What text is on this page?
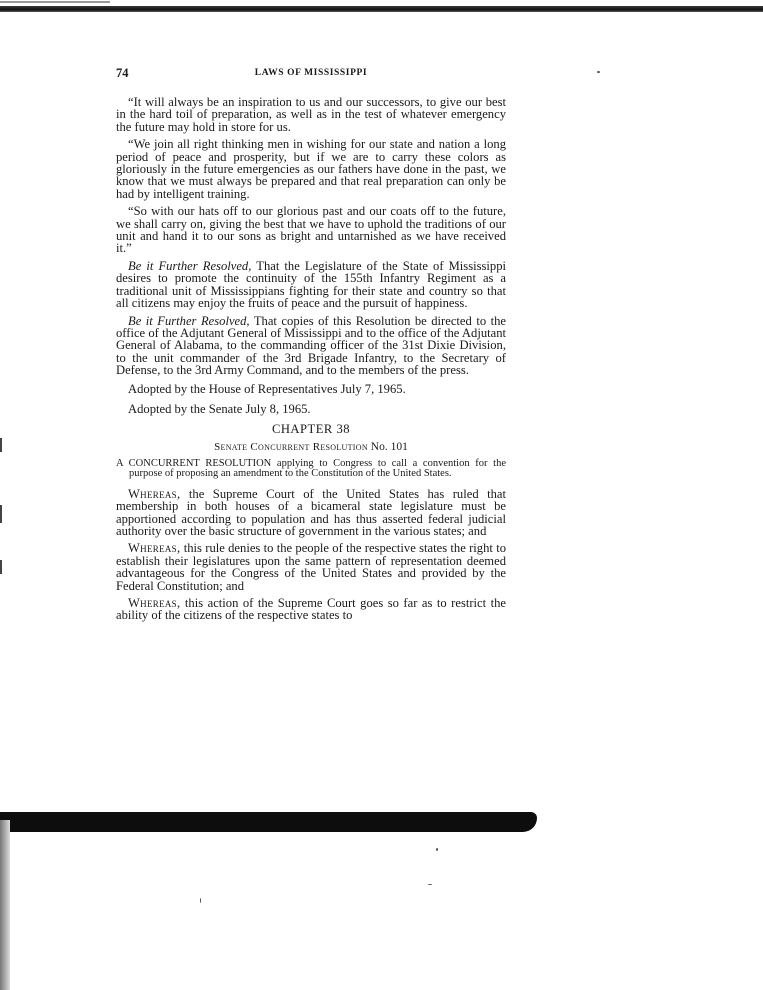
74	LAWS OF MISSISSIPPI

“It will always be an inspiration to us and our successors, to give our best in the hard toil of preparation, as well as in the test of whatever emergency the future may hold in store for us.

“We join all right thinking men in wishing for our state and nation a long period of peace and prosperity, but if we are to carry these colors as gloriously in the future emergencies as our fathers have done in the past, we know that we must always be prepared and that real preparation can only be had by intelligent training.

“So with our hats off to our glorious past and our coats off to the future, we shall carry on, giving the best that we have to uphold the traditions of our unit and hand it to our sons as bright and untarnished as we have received it.”

Be it Further Resolved, That the Legislature of the State of Mississippi desires to promote the continuity of the 155th Infantry Regiment as a traditional unit of Mississippians fighting for their state and country so that all citizens may enjoy the fruits of peace and the pursuit of happiness.

Be it Further Resolved, That copies of this Resolution be directed to the office of the Adjutant General of Mississippi and to the office of the Adjutant General of Alabama, to the commanding officer of the 31st Dixie Division, to the unit commander of the 3rd Brigade Infantry, to the Secretary of Defense, to the 3rd Army Command, and to the members of the press.

Adopted by the House of Representatives July 7, 1965.

Adopted by the Senate July 8, 1965.

CHAPTER 38

Senate Concurrent Resolution No. 101

A CONCURRENT RESOLUTION applying to Congress to call a convention for the purpose of proposing an amendment to the Constitution of the United States.

Whereas, the Supreme Court of the United States has ruled that membership in both houses of a bicameral state legislature must be apportioned according to population and has thus asserted federal judicial authority over the basic structure of government in the various states; and

Whereas, this rule denies to the people of the respective states the right to establish their legislatures upon the same pattern of representation deemed advantageous for the Congress of the United States and provided by the Federal Constitution; and

Whereas, this action of the Supreme Court goes so far as to restrict the ability of the citizens of the respective states to
